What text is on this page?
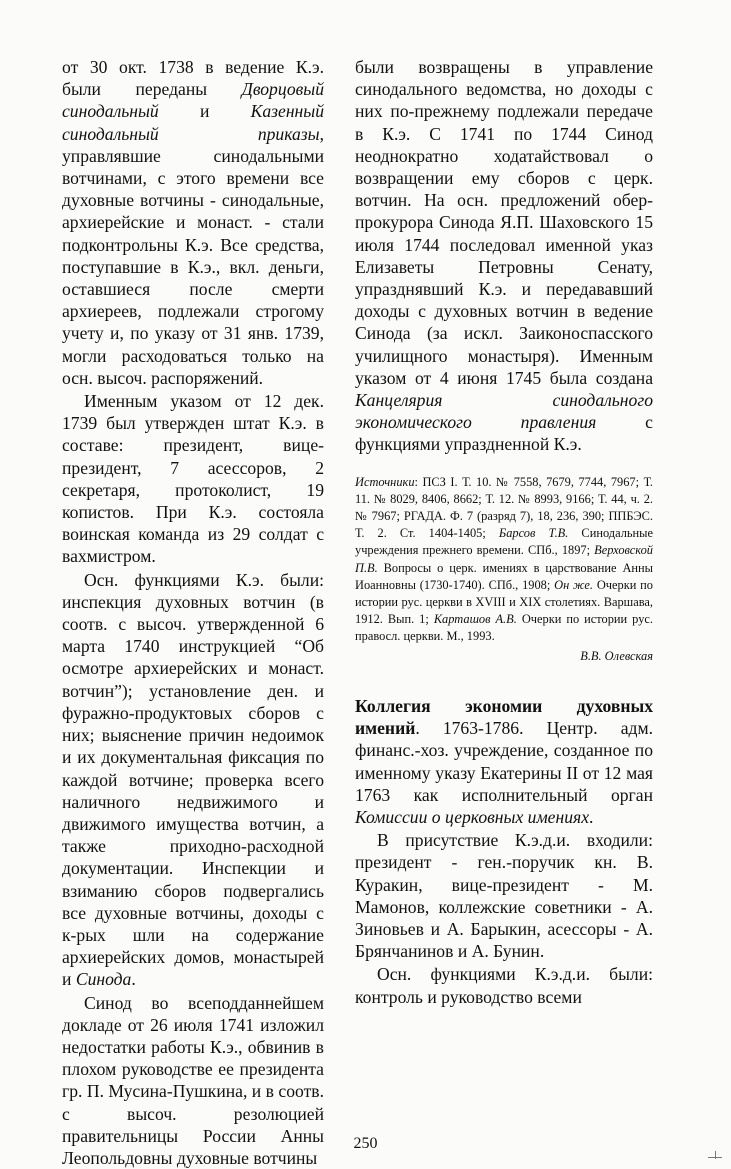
от 30 окт. 1738 в ведение К.э. были переданы Дворцовый синодальный и Казенный синодальный приказы, управлявшие синодальными вотчинами, с этого времени все духовные вотчины - синодальные, архиерейские и монаст. - стали подконтрольны К.э. Все средства, поступавшие в К.э., вкл. деньги, оставшиеся после смерти архиереев, подлежали строгому учету и, по указу от 31 янв. 1739, могли расходоваться только на осн. высоч. распоряжений.

Именным указом от 12 дек. 1739 был утвержден штат К.э. в составе: президент, вице-президент, 7 асессоров, 2 секретаря, протоколист, 19 копистов. При К.э. состояла воинская команда из 29 солдат с вахмистром.

Осн. функциями К.э. были: инспекция духовных вотчин (в соотв. с высоч. утвержденной 6 марта 1740 инструкцией “Об осмотре архиерейских и монаст. вотчин”); установление ден. и фуражно-продуктовых сборов с них; выяснение причин недоимок и их документальная фиксация по каждой вотчине; проверка всего наличного недвижимого и движимого имущества вотчин, а также приходно-расходной документации. Инспекции и взиманию сборов подвергались все духовные вотчины, доходы с к-рых шли на содержание архиерейских домов, монастырей и Синода.

Синод во всеподданнейшем докладе от 26 июля 1741 изложил недостатки работы К.э., обвинив в плохом руководстве ее президента гр. П. Мусина-Пушкина, и в соотв. с высоч. резолюцией правительницы России Анны Леопольдовны духовные вотчины

были возвращены в управление синодального ведомства, но доходы с них по-прежнему подлежали передаче в К.э. С 1741 по 1744 Синод неоднократно ходатайствовал о возвращении ему сборов с церк. вотчин. На осн. предложений обер-прокурора Синода Я.П. Шаховского 15 июля 1744 последовал именной указ Елизаветы Петровны Сенату, упразднявший К.э. и передававший доходы с духовных вотчин в ведение Синода (за искл. Заиконоспасского училищного монастыря). Именным указом от 4 июня 1745 была создана Канцелярия синодального экономического правления с функциями упраздненной К.э.

Источники: ПСЗ I. Т. 10. № 7558, 7679, 7744, 7967; Т. 11. № 8029, 8406, 8662; Т. 12. № 8993, 9166; Т. 44, ч. 2. № 7967; РГАДА. Ф. 7 (разряд 7), 18, 236, 390; ППБЭС. Т. 2. Ст. 1404-1405; Барсов Т.В. Синодальные учреждения прежнего времени. СПб., 1897; Верховской П.В. Вопросы о церк. имениях в царствование Анны Иоанновны (1730-1740). СПб., 1908; Он же. Очерки по истории рус. церкви в XVIII и XIX столетиях. Варшава, 1912. Вып. 1; Карташов А.В. Очерки по истории рус. правосл. церкви. М., 1993.

В.В. Олевская

Коллегия экономии духовных имений. 1763-1786. Центр. адм. финанс.-хоз. учреждение, созданное по именному указу Екатерины II от 12 мая 1763 как исполнительный орган Комиссии о церковных имениях.

В присутствие К.э.д.и. входили: президент - ген.-поручик кн. В. Куракин, вице-президент - М. Мамонов, коллежские советники - А. Зиновьев и А. Барыкин, асессоры - А. Брянчанинов и А. Бунин.

Осн. функциями К.э.д.и. были: контроль и руководство всеми

250
